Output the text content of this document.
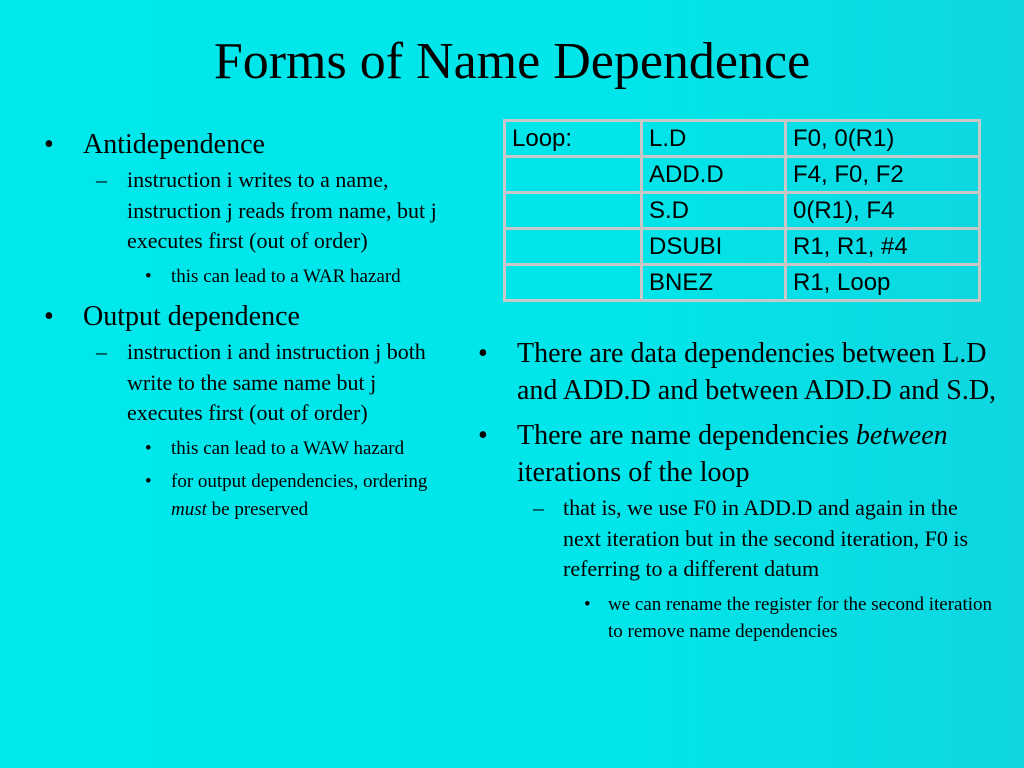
Forms of Name Dependence
• Antidependence
– instruction i writes to a name, instruction j reads from name, but j executes first (out of order)
• this can lead to a WAR hazard
• Output dependence
– instruction i and instruction j both write to the same name but j executes first (out of order)
• this can lead to a WAW hazard
• for output dependencies, ordering must be preserved
Loop:	L.D	F0, 0(R1)
	ADD.D	F4, F0, F2
	S.D	0(R1), F4
	DSUBI	R1, R1, #4
	BNEZ	R1, Loop
• There are data dependencies between L.D and ADD.D and between ADD.D and S.D,
• There are name dependencies between iterations of the loop
– that is, we use F0 in ADD.D and again in the next iteration but in the second iteration, F0 is referring to a different datum
• we can rename the register for the second iteration to remove name dependencies
